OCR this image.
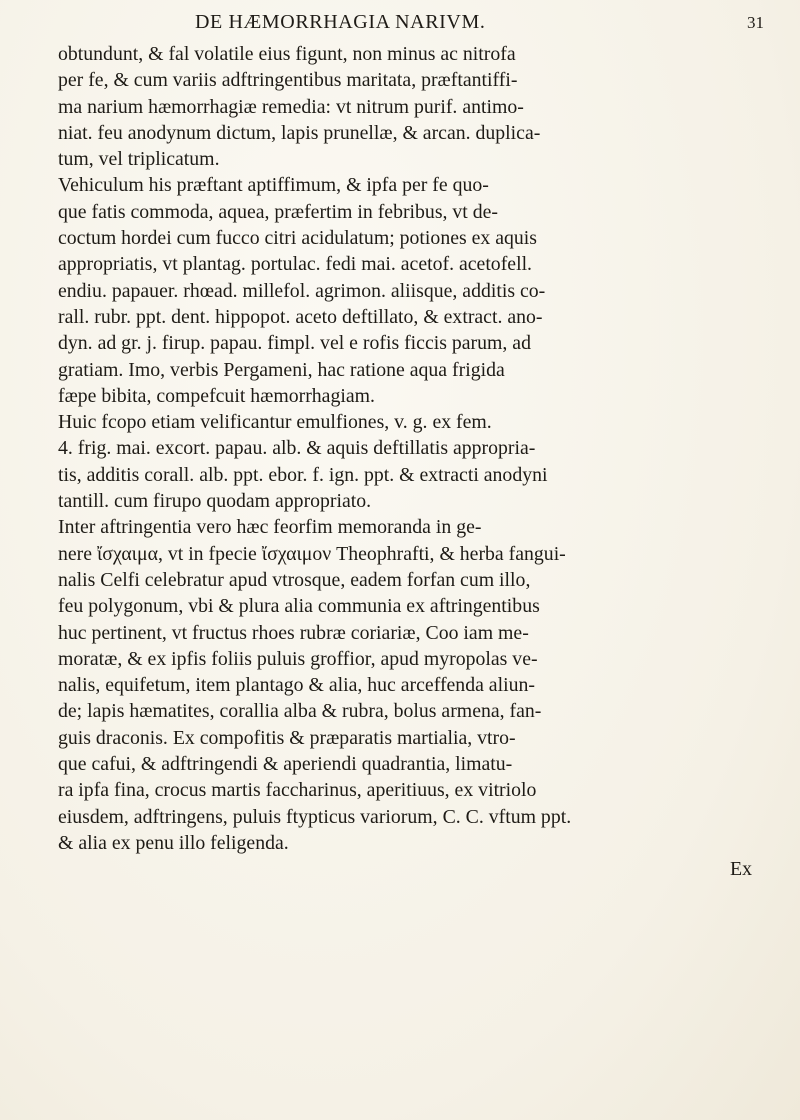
DE HÆMORRHAGIA NARIVM.	31
obtundunt, & fal volatile eius figunt, non minus ac nitrofa
per fe, & cum variis adftringentibus maritata, præftantiffi-
ma narium hæmorrhagiæ remedia: vt nitrum purif. antimo-
niat. feu anodynum dictum, lapis prunellæ, & arcan. duplica-
tum, vel triplicatum.
Vehiculum his præftant aptiffimum, & ipfa per fe quo-
que fatis commoda, aquea, præfertim in febribus, vt de-
coctum hordei cum fucco citri acidulatum; potiones ex aquis
appropriatis, vt plantag. portulac. fedi mai. acetof. acetofell.
endiu. papauer. rhœad. millefol. agrimon. aliisque, additis co-
rall. rubr. ppt. dent. hippopot. aceto deftillato, & extract. ano-
dyn. ad gr. j. firup. papau. fimpl. vel e rofis ficcis parum, ad
gratiam. Imo, verbis Pergameni, hac ratione aqua frigida
fæpe bibita, compefcuit hæmorrhagiam.
Huic fcopo etiam velificantur emulfiones, v. g. ex fem.
4. frig. mai. excort. papau. alb. & aquis deftillatis appropria-
tis, additis corall. alb. ppt. ebor. f. ign. ppt. & extracti anodyni
tantill. cum firupo quodam appropriato.
Inter aftringentia vero hæc feorfim memoranda in ge-
nere ἴσχαιμα, vt in fpecie ἴσχαιμον Theophrafti, & herba fangui-
nalis Celfi celebratur apud vtrosque, eadem forfan cum illo,
feu polygonum, vbi & plura alia communia ex aftringentibus
huc pertinent, vt fructus rhoes rubræ coriariæ, Coo iam me-
moratæ, & ex ipfis foliis puluis groffior, apud myropolas ve-
nalis, equifetum, item plantago & alia, huc arceffenda aliun-
de; lapis hæmatites, corallia alba & rubra, bolus armena, fan-
guis draconis. Ex compofitis & præparatis martialia, vtro-
que cafui, & adftringendi & aperiendi quadrantia, limatu-
ra ipfa fina, crocus martis faccharinus, aperitiuus, ex vitriolo
eiusdem, adftringens, puluis ftypticus variorum, C. C. vftum ppt.
& alia ex penu illo feligenda.
Ex
